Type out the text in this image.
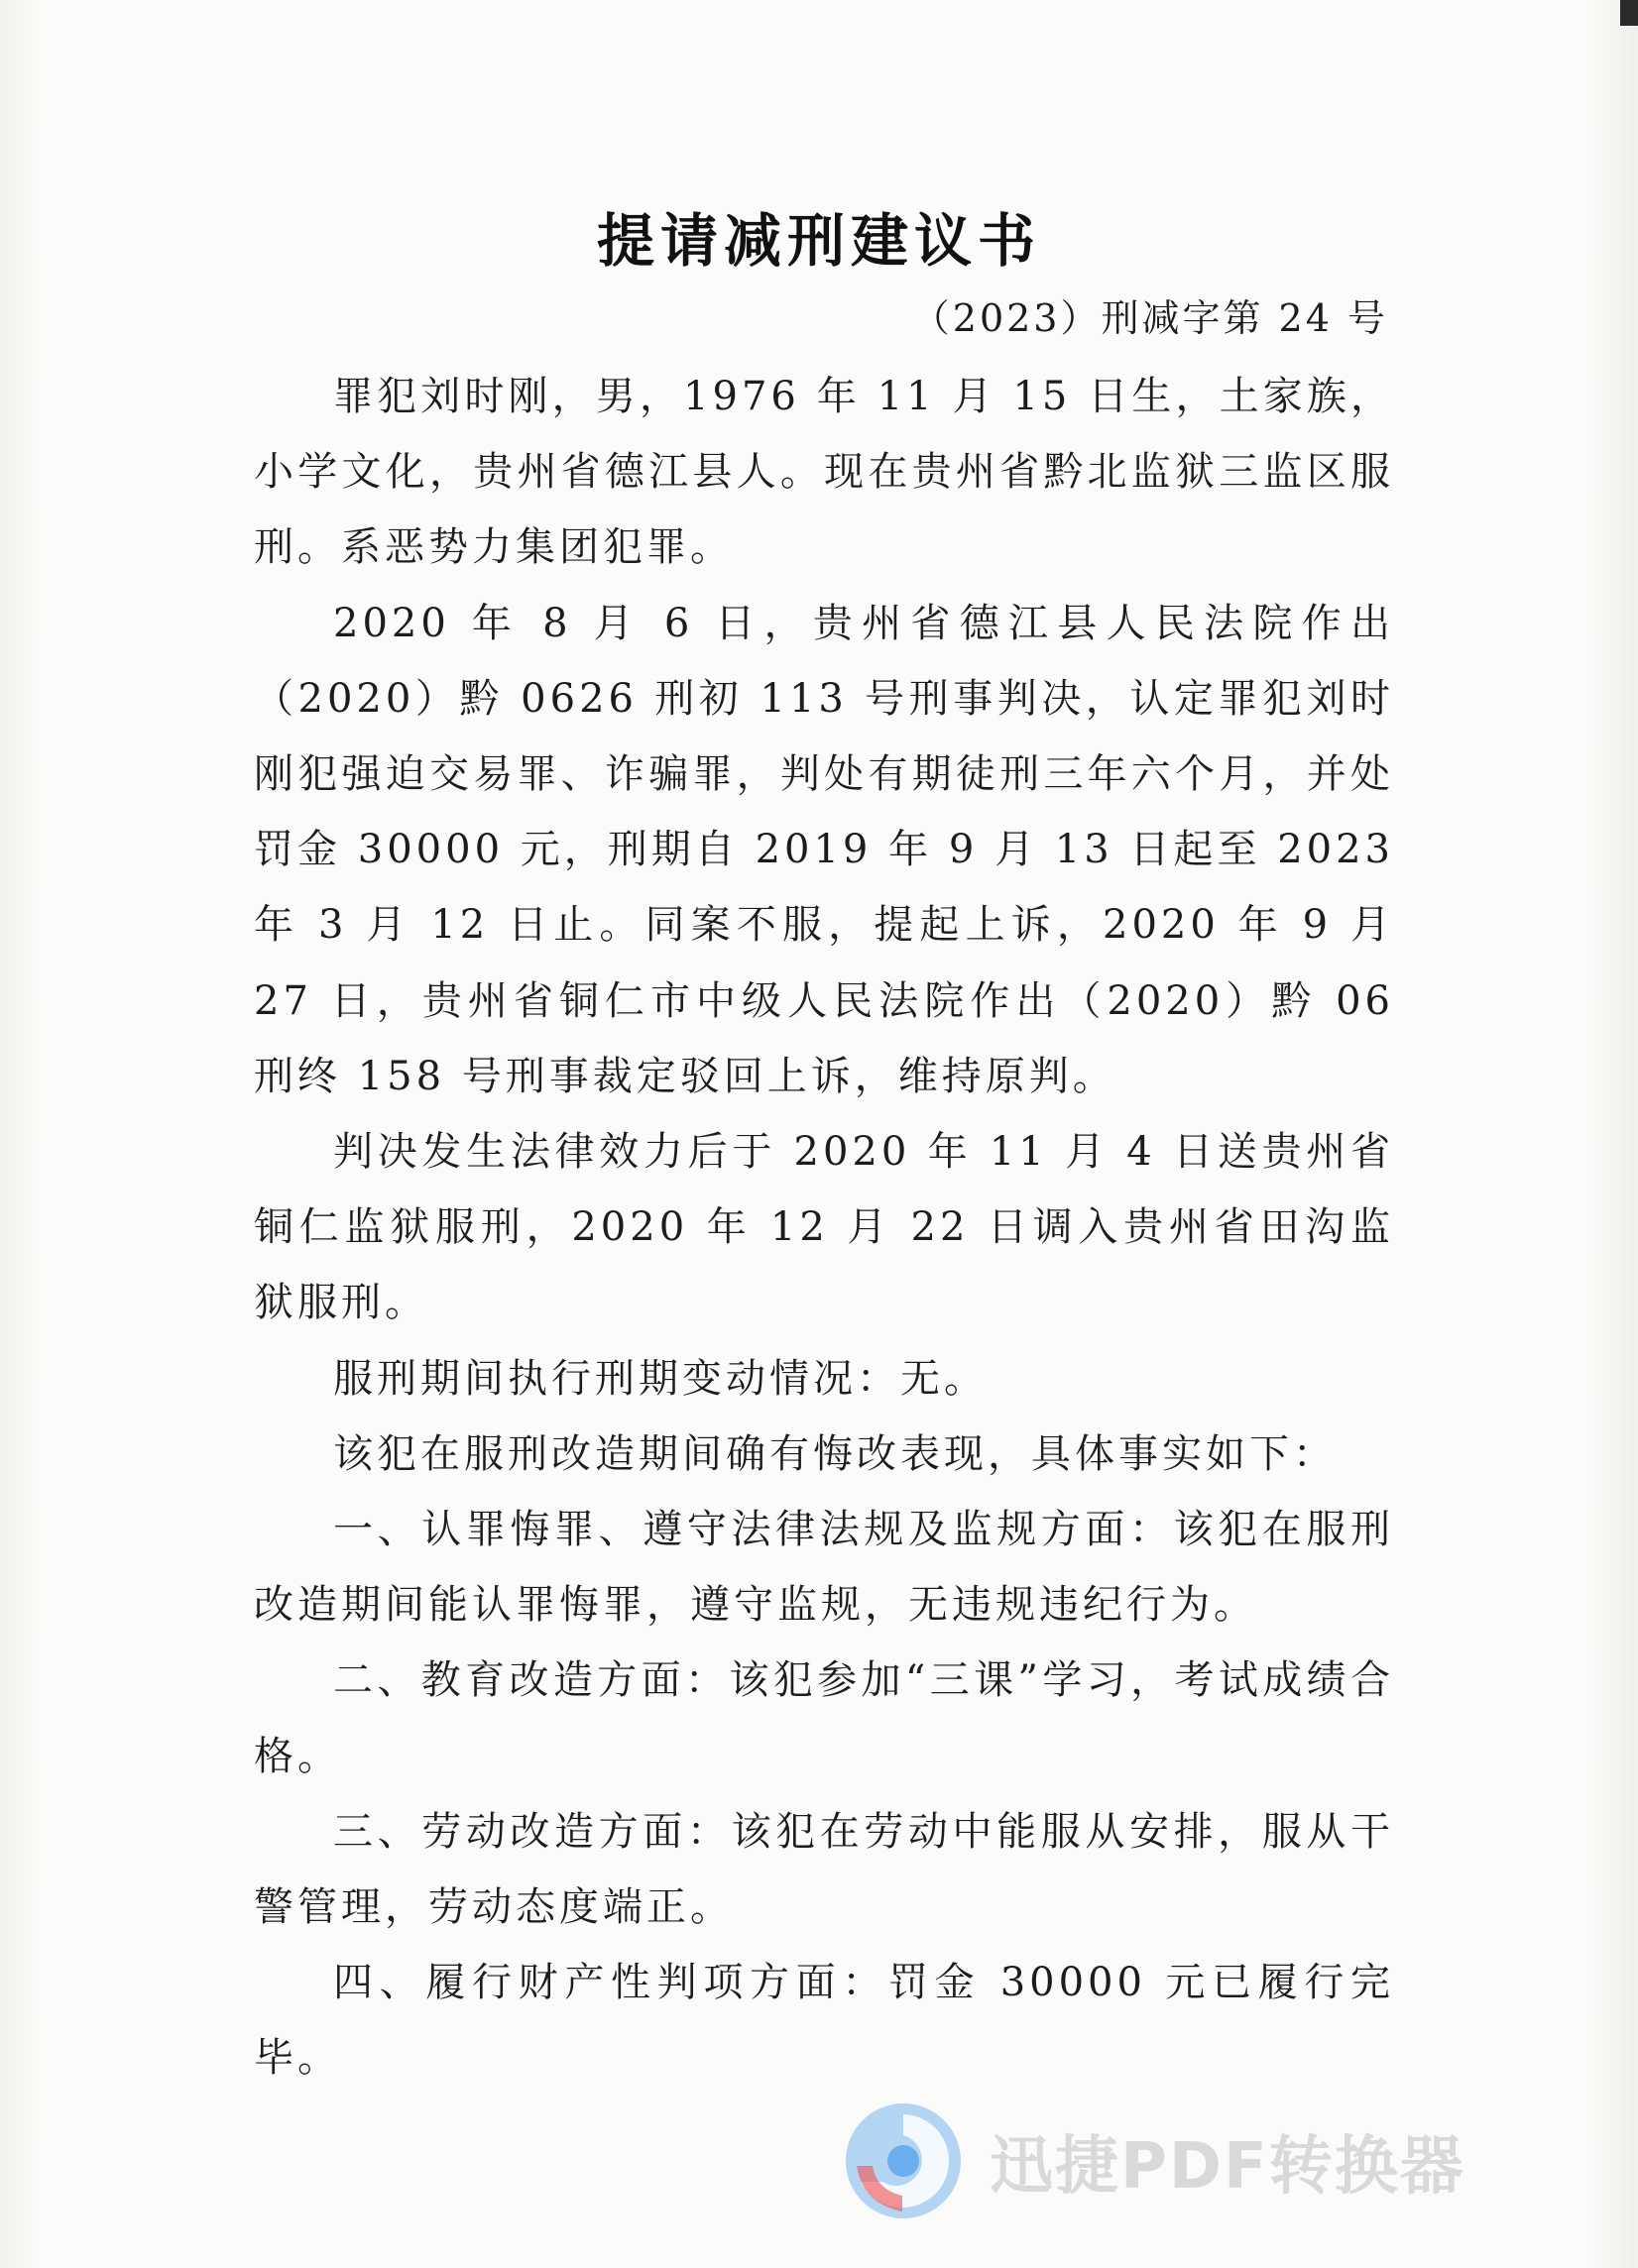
提请减刑建议书

（2023）刑减字第 24 号

罪犯刘时刚，男，1976 年 11 月 15 日生，土家族，小学文化，贵州省德江县人。现在贵州省黔北监狱三监区服刑。系恶势力集团犯罪。

2020 年 8 月 6 日，贵州省德江县人民法院作出（2020）黔 0626 刑初 113 号刑事判决，认定罪犯刘时刚犯强迫交易罪、诈骗罪，判处有期徒刑三年六个月，并处罚金 30000 元，刑期自 2019 年 9 月 13 日起至 2023 年 3 月 12 日止。同案不服，提起上诉，2020 年 9 月 27 日，贵州省铜仁市中级人民法院作出（2020）黔 06 刑终 158 号刑事裁定驳回上诉，维持原判。

判决发生法律效力后于 2020 年 11 月 4 日送贵州省铜仁监狱服刑，2020 年 12 月 22 日调入贵州省田沟监狱服刑。

服刑期间执行刑期变动情况：无。

该犯在服刑改造期间确有悔改表现，具体事实如下：

一、认罪悔罪、遵守法律法规及监规方面：该犯在服刑改造期间能认罪悔罪，遵守监规，无违规违纪行为。

二、教育改造方面：该犯参加“三课”学习，考试成绩合格。

三、劳动改造方面：该犯在劳动中能服从安排，服从干警管理，劳动态度端正。

四、履行财产性判项方面：罚金 30000 元已履行完毕。

迅捷PDF转换器
